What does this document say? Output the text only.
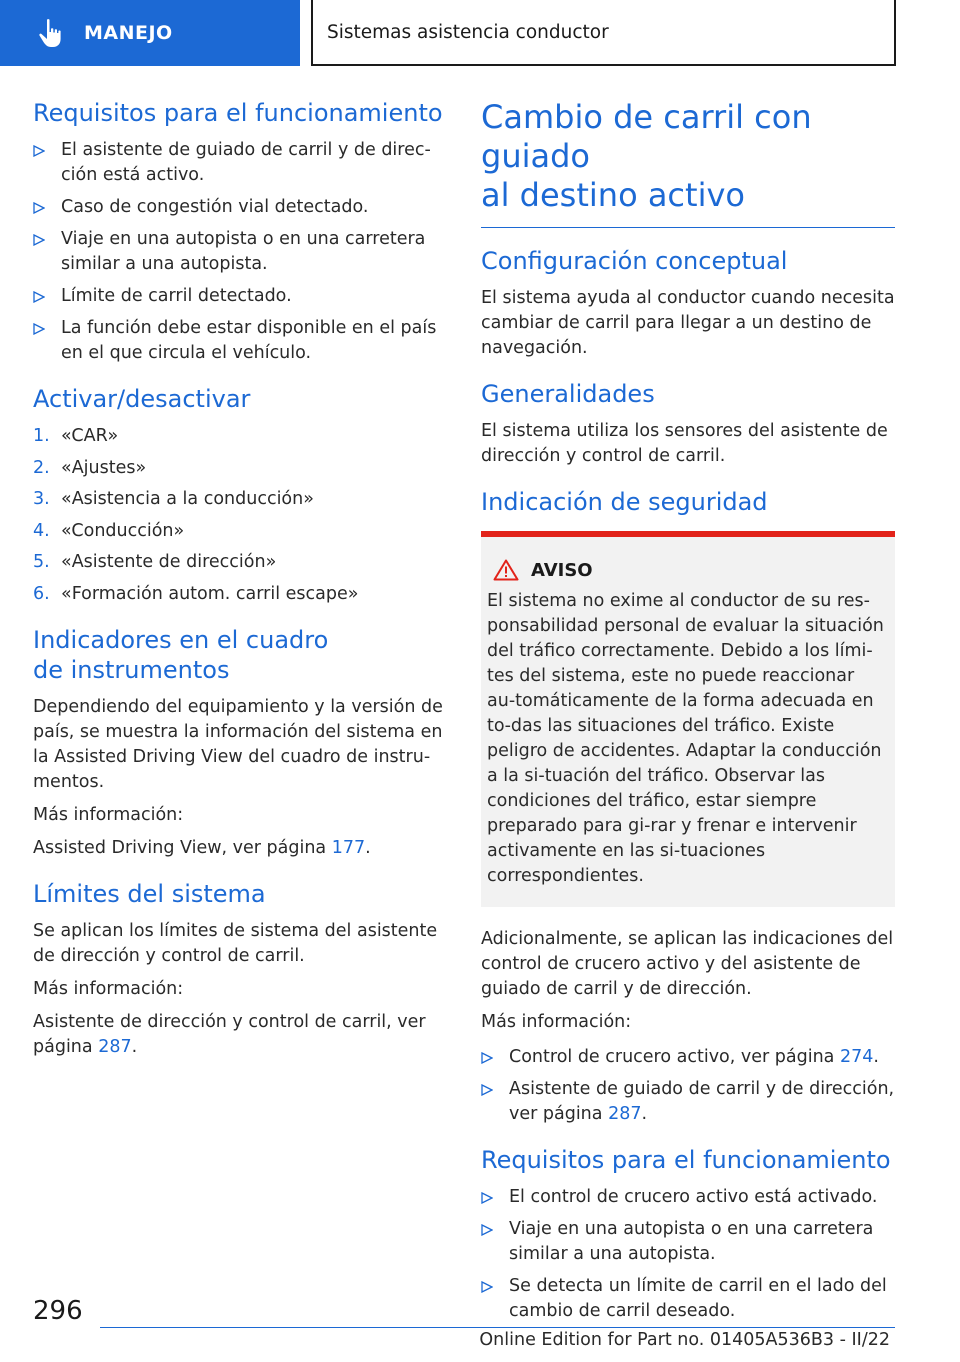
MANEJO	Sistemas asistencia conductor
Requisitos para el funcionamiento
El asistente de guiado de carril y de direc‐ción está activo.
Caso de congestión vial detectado.
Viaje en una autopista o en una carretera similar a una autopista.
Límite de carril detectado.
La función debe estar disponible en el país en el que circula el vehículo.
Activar/desactivar
1. «CAR»
2. «Ajustes»
3. «Asistencia a la conducción»
4. «Conducción»
5. «Asistente de dirección»
6. «Formación autom. carril escape»
Indicadores en el cuadro
de instrumentos

Dependiendo del equipamiento y la versión de país, se muestra la información del sistema en la Assisted Driving View del cuadro de instru‐mentos.

Más información:

Assisted Driving View, ver página 177.

Límites del sistema

Se aplican los límites de sistema del asistente de dirección y control de carril.

Más información:

Asistente de dirección y control de carril, ver página 287.

Cambio de carril con guiado
al destino activo
Configuración conceptual

El sistema ayuda al conductor cuando necesita cambiar de carril para llegar a un destino de navegación.

Generalidades

El sistema utiliza los sensores del asistente de dirección y control de carril.

Indicación de seguridad
AVISO

El sistema no exime al conductor de su res‐ponsabilidad personal de evaluar la situación del tráfico correctamente. Debido a los lími‐tes del sistema, este no puede reaccionar au‐tomáticamente de la forma adecuada en to‐das las situaciones del tráfico. Existe peligro de accidentes. Adaptar la conducción a la si‐tuación del tráfico. Observar las condiciones del tráfico, estar siempre preparado para gi‐rar y frenar e intervenir activamente en las si‐tuaciones correspondientes.

Adicionalmente, se aplican las indicaciones del control de crucero activo y del asistente de guiado de carril y de dirección.

Más información:

Control de crucero activo, ver página 274.
Asistente de guiado de carril y de dirección, ver página 287.
Requisitos para el funcionamiento
El control de crucero activo está activado.
Viaje en una autopista o en una carretera similar a una autopista.
Se detecta un límite de carril en el lado del cambio de carril deseado.
296
Online Edition for Part no. 01405A536B3 - II/22
